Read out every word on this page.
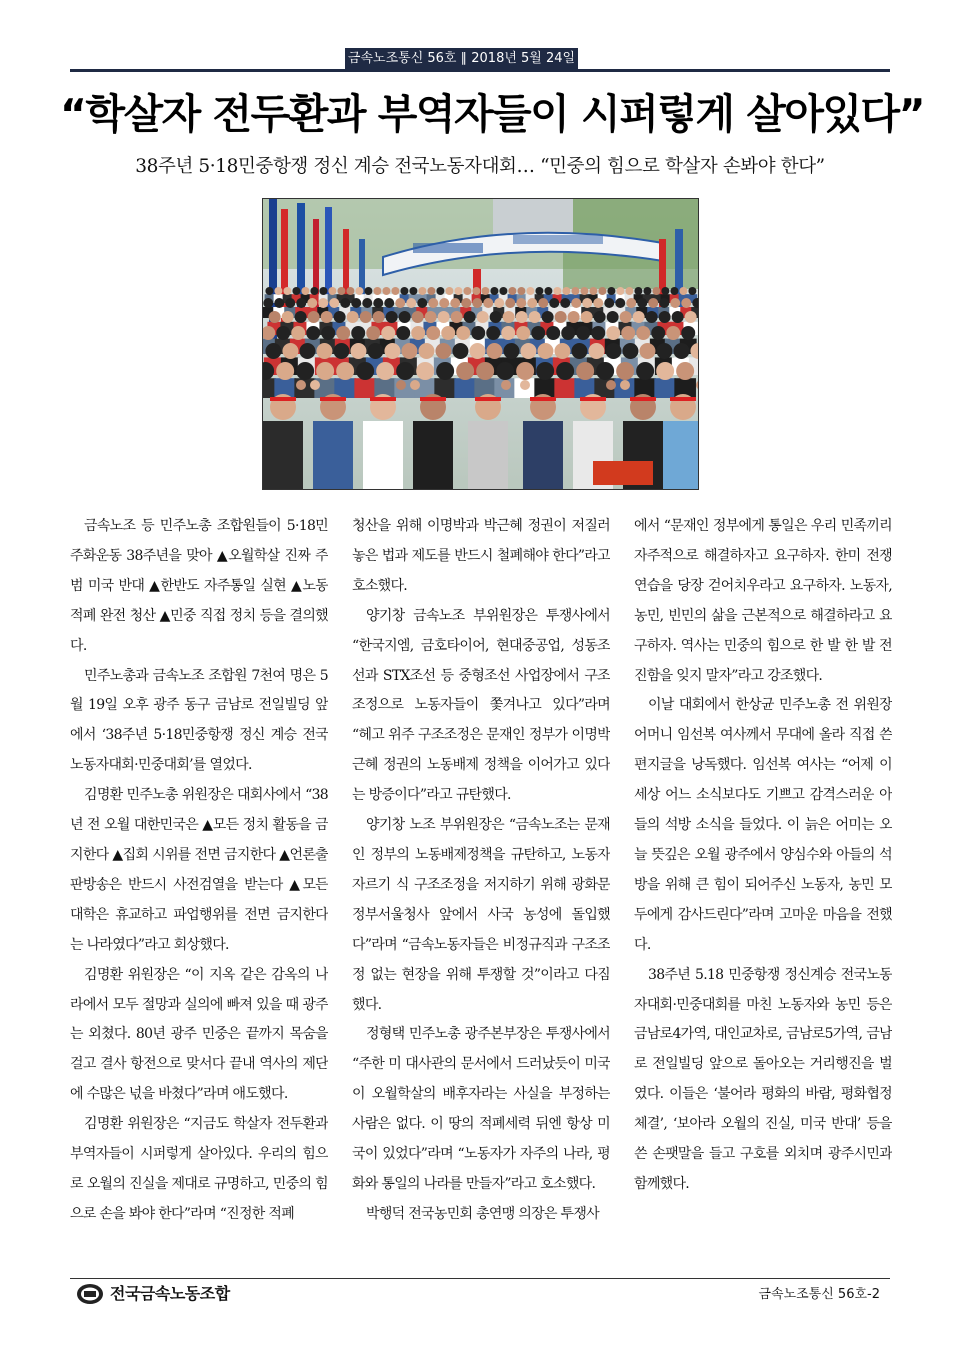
금속노조통신 56호 ∥ 2018년 5월 24일
“학살자 전두환과 부역자들이 시퍼렇게 살아있다”
38주년 5·18민중항쟁 정신 계승 전국노동자대회… “민중의 힘으로 학살자 손봐야 한다”

금속노조 등 민주노총 조합원들이 5·18민주화운동 38주년을 맞아 ▲오월학살 진짜 주범 미국 반대 ▲한반도 자주통일 실현 ▲노동 적폐 완전 청산 ▲민중 직접 정치 등을 결의했다.

민주노총과 금속노조 조합원 7천여 명은 5월 19일 오후 광주 동구 금남로 전일빌딩 앞에서 ‘38주년 5·18민중항쟁 정신 계승 전국노동자대회·민중대회’를 열었다.

김명환 민주노총 위원장은 대회사에서 “38년 전 오월 대한민국은 ▲모든 정치 활동을 금지한다 ▲집회 시위를 전면 금지한다 ▲언론출판방송은 반드시 사전검열을 받는다 ▲모든 대학은 휴교하고 파업행위를 전면 금지한다는 나라였다”라고 회상했다.

김명환 위원장은 “이 지옥 같은 감옥의 나라에서 모두 절망과 실의에 빠져 있을 때 광주는 외쳤다. 80년 광주 민중은 끝까지 목숨을 걸고 결사 항전으로 맞서다 끝내 역사의 제단에 수많은 넋을 바쳤다”라며 애도했다.

김명환 위원장은 “지금도 학살자 전두환과 부역자들이 시퍼렇게 살아있다. 우리의 힘으로 오월의 진실을 제대로 규명하고, 민중의 힘으로 손을 봐야 한다”라며 “진정한 적폐

청산을 위해 이명박과 박근혜 정권이 저질러 놓은 법과 제도를 반드시 철폐해야 한다”라고 호소했다.

양기창 금속노조 부위원장은 투쟁사에서 “한국지엠, 금호타이어, 현대중공업, 성동조선과 STX조선 등 중형조선 사업장에서 구조조정으로 노동자들이 쫓겨나고 있다”라며 “헤고 위주 구조조정은 문재인 정부가 이명박근혜 정권의 노동배제 정책을 이어가고 있다는 방증이다”라고 규탄했다.

양기창 노조 부위원장은 “금속노조는 문재인 정부의 노동배제정책을 규탄하고, 노동자 자르기 식 구조조정을 저지하기 위해 광화문 정부서울청사 앞에서 사국 농성에 돌입했다”라며 “금속노동자들은 비정규직과 구조조정 없는 현장을 위해 투쟁할 것”이라고 다짐했다.

정형택 민주노총 광주본부장은 투쟁사에서 “주한 미 대사관의 문서에서 드러났듯이 미국이 오월학살의 배후자라는 사실을 부정하는 사람은 없다. 이 땅의 적폐세력 뒤엔 항상 미국이 있었다”라며 “노동자가 자주의 나라, 평화와 통일의 나라를 만들자”라고 호소했다.

박행덕 전국농민회 총연맹 의장은 투쟁사

에서 “문재인 정부에게 통일은 우리 민족끼리 자주적으로 해결하자고 요구하자. 한미 전쟁연습을 당장 걷어치우라고 요구하자. 노동자, 농민, 빈민의 삶을 근본적으로 해결하라고 요구하자. 역사는 민중의 힘으로 한 발 한 발 전진함을 잊지 말자”라고 강조했다.

이날 대회에서 한상균 민주노총 전 위원장 어머니 임선복 여사께서 무대에 올라 직접 쓴 편지글을 낭독했다. 임선복 여사는 “어제 이 세상 어느 소식보다도 기쁘고 감격스러운 아들의 석방 소식을 들었다. 이 늙은 어미는 오늘 뜻깊은 오월 광주에서 양심수와 아들의 석방을 위해 큰 힘이 되어주신 노동자, 농민 모두에게 감사드린다”라며 고마운 마음을 전했다.

38주년 5.18 민중항쟁 정신계승 전국노동자대회·민중대회를 마친 노동자와 농민 등은 금남로4가역, 대인교차로, 금남로5가역, 금남로 전일빌딩 앞으로 돌아오는 거리행진을 벌였다. 이들은 ‘불어라 평화의 바람, 평화협정 체결’, ‘보아라 오월의 진실, 미국 반대’ 등을 쓴 손팻말을 들고 구호를 외치며 광주시민과 함께했다.

전국금속노동조합	금속노조통신 56호-2
